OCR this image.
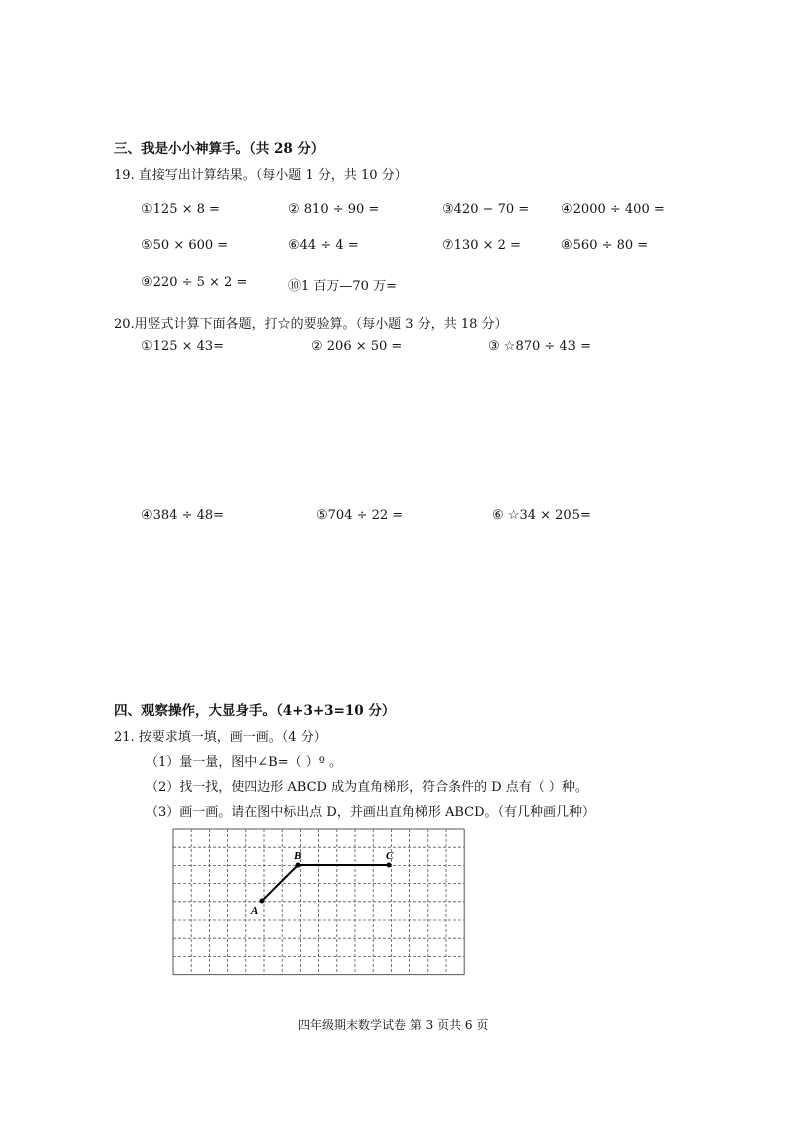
三、我是小小神算手。（共 28 分）
19. 直接写出计算结果。（每小题 1 分，共 10 分）
①125 × 8 =	② 810 ÷ 90 =	③420 − 70 = ④2000 ÷ 400 =
⑤50 × 600 =	⑥44 ÷ 4 =	⑦130 × 2 =	⑧560 ÷ 80 =
⑨220 ÷ 5 × 2 =	⑩1 百万—70 万=
20.用竖式计算下面各题，打☆的要验算。（每小题 3 分，共 18 分）
①125 × 43=	② 206 × 50 =	③ ☆870 ÷ 43 =
④384 ÷ 48=	⑤704 ÷ 22 =	⑥ ☆34 × 205=
四、观察操作，大显身手。（4+3+3=10 分）
21. 按要求填一填，画一画。（4 分）
（1）量一量，图中∠B=（ ）º 。
（2）找一找，使四边形 ABCD 成为直角梯形，符合条件的 D 点有（ ）种。
（3）画一画。请在图中标出点 D，并画出直角梯形 ABCD。（有几种画几种）
A
B	C
四年级期末数学试卷 第 3 页共 6 页
